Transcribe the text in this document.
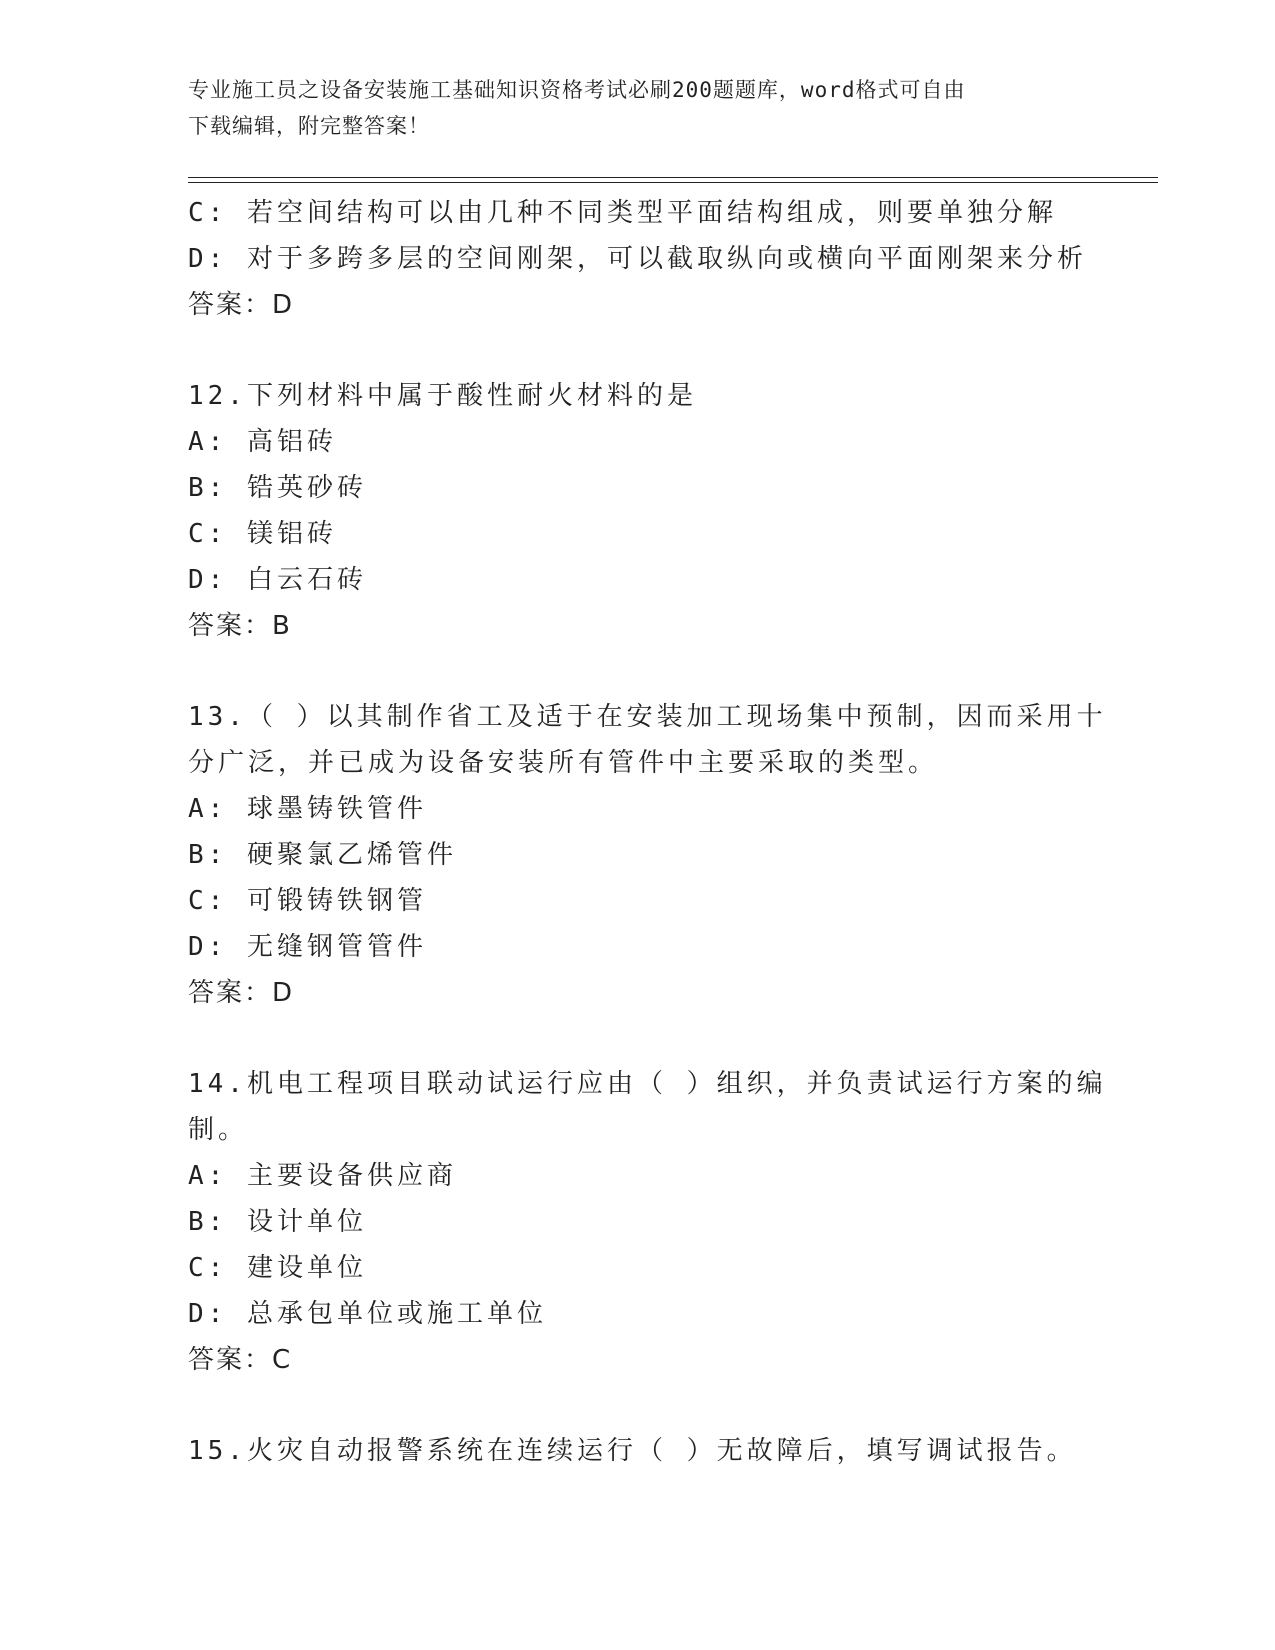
专业施工员之设备安装施工基础知识资格考试必刷200题题库，word格式可自由
下载编辑，附完整答案！
C: 若空间结构可以由几种不同类型平面结构组成，则要单独分解
D: 对于多跨多层的空间刚架，可以截取纵向或横向平面刚架来分析
答案：D
12.下列材料中属于酸性耐火材料的是
A: 高铝砖
B: 锆英砂砖
C: 镁铝砖
D: 白云石砖
答案：B
13.（ ）以其制作省工及适于在安装加工现场集中预制，因而采用十
分广泛，并已成为设备安装所有管件中主要采取的类型。
A: 球墨铸铁管件
B: 硬聚氯乙烯管件
C: 可锻铸铁钢管
D: 无缝钢管管件
答案：D
14.机电工程项目联动试运行应由（ ）组织，并负责试运行方案的编
制。
A: 主要设备供应商
B: 设计单位
C: 建设单位
D: 总承包单位或施工单位
答案：C
15.火灾自动报警系统在连续运行（ ）无故障后，填写调试报告。
